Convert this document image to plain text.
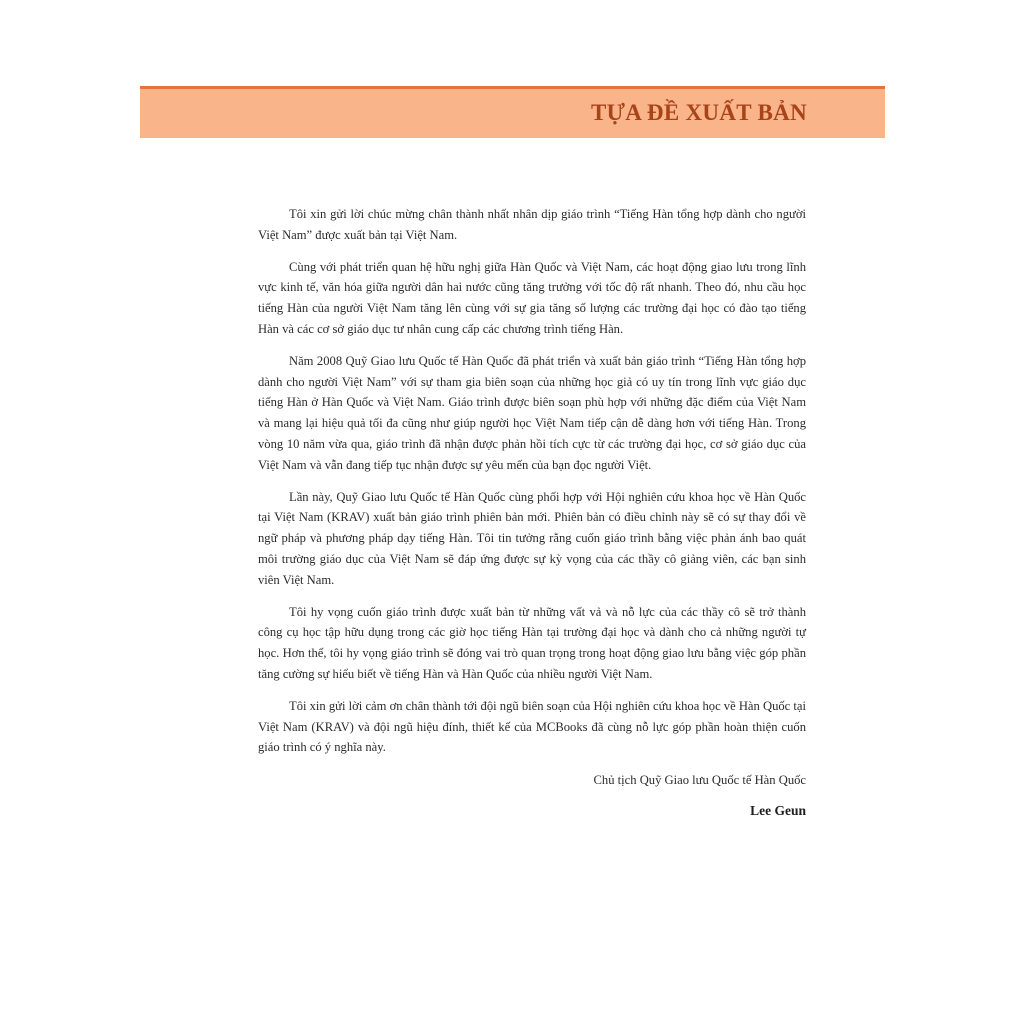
TỰA ĐỀ XUẤT BẢN

Tôi xin gửi lời chúc mừng chân thành nhất nhân dịp giáo trình “Tiếng Hàn tổng hợp dành cho người Việt Nam” được xuất bản tại Việt Nam.

Cùng với phát triển quan hệ hữu nghị giữa Hàn Quốc và Việt Nam, các hoạt động giao lưu trong lĩnh vực kinh tế, văn hóa giữa người dân hai nước cũng tăng trưởng với tốc độ rất nhanh. Theo đó, nhu cầu học tiếng Hàn của người Việt Nam tăng lên cùng với sự gia tăng số lượng các trường đại học có đào tạo tiếng Hàn và các cơ sở giáo dục tư nhân cung cấp các chương trình tiếng Hàn.

Năm 2008 Quỹ Giao lưu Quốc tế Hàn Quốc đã phát triển và xuất bản giáo trình “Tiếng Hàn tổng hợp dành cho người Việt Nam” với sự tham gia biên soạn của những học giả có uy tín trong lĩnh vực giáo dục tiếng Hàn ở Hàn Quốc và Việt Nam. Giáo trình được biên soạn phù hợp với những đặc điểm của Việt Nam và mang lại hiệu quả tối đa cũng như giúp người học Việt Nam tiếp cận dễ dàng hơn với tiếng Hàn. Trong vòng 10 năm vừa qua, giáo trình đã nhận được phản hồi tích cực từ các trường đại học, cơ sở giáo dục của Việt Nam và vẫn đang tiếp tục nhận được sự yêu mến của bạn đọc người Việt.

Lần này, Quỹ Giao lưu Quốc tế Hàn Quốc cùng phối hợp với Hội nghiên cứu khoa học về Hàn Quốc tại Việt Nam (KRAV) xuất bản giáo trình phiên bản mới. Phiên bản có điều chỉnh này sẽ có sự thay đổi về ngữ pháp và phương pháp dạy tiếng Hàn. Tôi tin tưởng rằng cuốn giáo trình bằng việc phản ánh bao quát môi trường giáo dục của Việt Nam sẽ đáp ứng được sự kỳ vọng của các thầy cô giảng viên, các bạn sinh viên Việt Nam.

Tôi hy vọng cuốn giáo trình được xuất bản từ những vất vả và nỗ lực của các thầy cô sẽ trở thành công cụ học tập hữu dụng trong các giờ học tiếng Hàn tại trường đại học và dành cho cả những người tự học. Hơn thế, tôi hy vọng giáo trình sẽ đóng vai trò quan trọng trong hoạt động giao lưu bằng việc góp phần tăng cường sự hiểu biết về tiếng Hàn và Hàn Quốc của nhiều người Việt Nam.

Tôi xin gửi lời cảm ơn chân thành tới đội ngũ biên soạn của Hội nghiên cứu khoa học về Hàn Quốc tại Việt Nam (KRAV) và đội ngũ hiệu đính, thiết kế của MCBooks đã cùng nỗ lực góp phần hoàn thiện cuốn giáo trình có ý nghĩa này.

Chủ tịch Quỹ Giao lưu Quốc tế Hàn Quốc

Lee Geun
